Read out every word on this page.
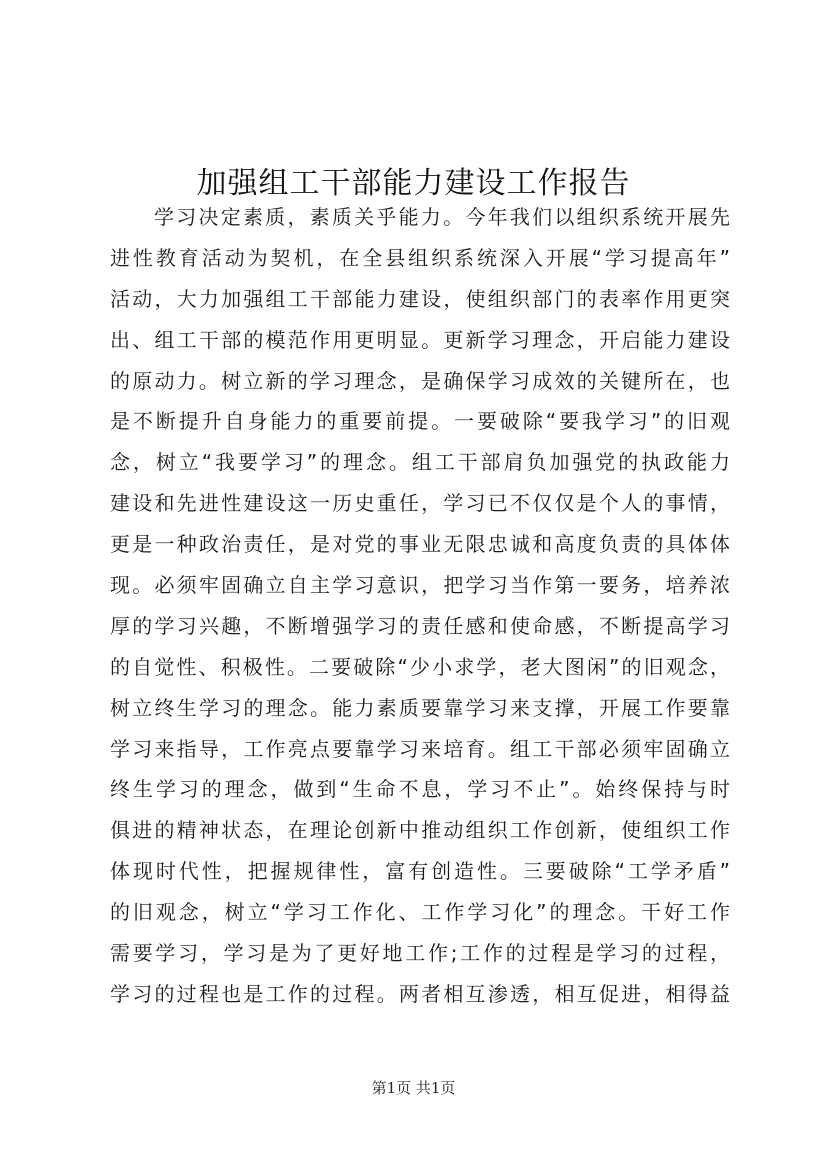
加强组工干部能力建设工作报告
学习决定素质，素质关乎能力。今年我们以组织系统开展先
进性教育活动为契机，在全县组织系统深入开展“学习提高年”
活动，大力加强组工干部能力建设，使组织部门的表率作用更突
出、组工干部的模范作用更明显。更新学习理念，开启能力建设
的原动力。树立新的学习理念，是确保学习成效的关键所在，也
是不断提升自身能力的重要前提。一要破除“要我学习”的旧观
念，树立“我要学习”的理念。组工干部肩负加强党的执政能力
建设和先进性建设这一历史重任，学习已不仅仅是个人的事情，
更是一种政治责任，是对党的事业无限忠诚和高度负责的具体体
现。必须牢固确立自主学习意识，把学习当作第一要务，培养浓
厚的学习兴趣，不断增强学习的责任感和使命感，不断提高学习
的自觉性、积极性。二要破除“少小求学，老大图闲”的旧观念，
树立终生学习的理念。能力素质要靠学习来支撑，开展工作要靠
学习来指导，工作亮点要靠学习来培育。组工干部必须牢固确立
终生学习的理念，做到“生命不息，学习不止”。始终保持与时
俱进的精神状态，在理论创新中推动组织工作创新，使组织工作
体现时代性，把握规律性，富有创造性。三要破除“工学矛盾”
的旧观念，树立“学习工作化、工作学习化”的理念。干好工作
需要学习，学习是为了更好地工作;工作的过程是学习的过程，
学习的过程也是工作的过程。两者相互渗透，相互促进，相得益
第1页 共1页
